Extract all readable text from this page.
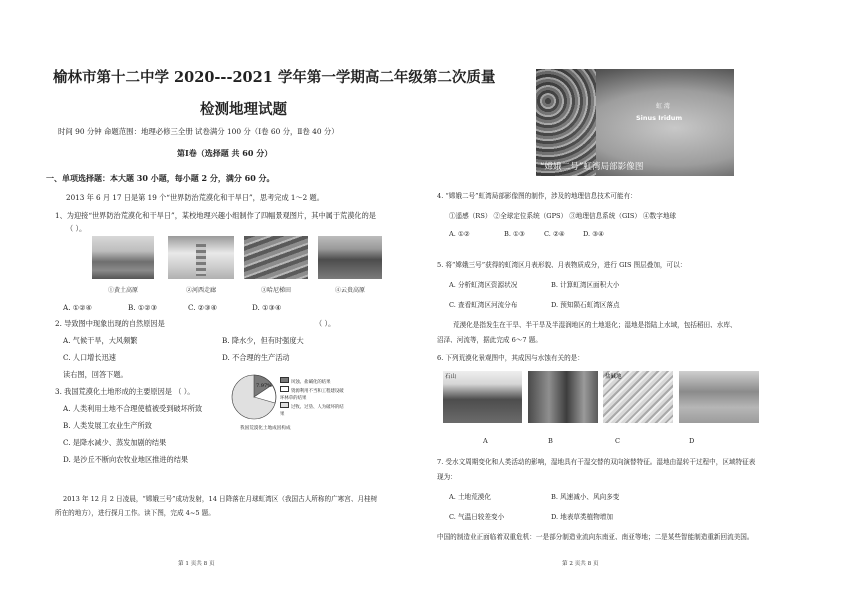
榆林市第十二中学 2020---2021 学年第一学期高二年级第二次质量
检测地理试题
时间 90 分钟 命题范围：地理必修三全册 试卷满分 100 分（Ⅰ卷 60 分，Ⅱ卷 40 分）
第Ⅰ卷（选择题 共 60 分）
一、单项选择题：本大题 30 小题，每小题 2 分，满分 60 分。
2013 年 6 月 17 日是第 19 个“世界防治荒漠化和干旱日”，思考完成 1～2 题。
1、为迎接“世界防治荒漠化和干旱日”，某校地理兴趣小组制作了四幅景观图片，其中属于荒漠化的是
（ ）。
①黄土高原	②河西走廊	③哈尼梯田	④云贵高原
A. ①②④	B. ①②③	C. ②③④	D. ①③④
2. 导致图中现象出现的自然原因是	（ ）。
A. 气候干旱，大风频繁	B. 降水少，但有时强度大
C. 人口增长迅速	D. 不合理的生产活动
读右图，回答下题。
3. 我国荒漠化土地形成的主要原因是 （ ）。
A. 人类利用土地不合理使植被受到破坏所致
B. 人类发展工农业生产所致
C. 是降水减少、蒸发加剧的结果
D. 是沙丘不断向农牧业地区推进的结果
7.97%
风蚀、盐碱化的结果
资源利用不当和工程建设破坏林草的结果
过牧、过垦、人为破坏的结果
我国荒漠化土地成因构成
2013 年 12 月 2 日凌晨，“嫦娥三号”成功发射，14 日降落在月球虹湾区（我国古人所称的广寒宫、月桂树
所在的地方），进行探月工作。读下图，完成 4~5 题。
第 1 页共 8 页
虹 湾
Sinus Iridum
“嫦娥二号”虹湾局部影像图
4. “嫦娥二号”虹湾局部影像图的制作，涉及的地理信息技术可能有：
①遥感（RS） ②全球定位系统（GPS） ③地理信息系统（GIS） ④数字地球
A. ①②	B. ①③	C. ②④	D. ③④
5. 将“嫦娥三号”获得的虹湾区月表形貌、月表物质成分，进行 GIS 图层叠加，可以：
A. 分析虹湾区资源状况	B. 计算虹湾区面积大小
C. 查看虹湾区河流分布	D. 预知陨石虹湾区落点
荒漠化是指发生在干旱、半干旱及半湿润地区的土地退化；湿地是指陆上水域，包括稻田、水库、
沼泽、河流等，据此完成 6～7 题。
6. 下列荒漠化景观图中，其成因与水蚀有关的是：
石山	盐碱地
A	B	C	D
7. 受水文周期变化和人类活动的影响，湿地具有干湿交替的双向演替特征。湿地由湿转干过程中，区域特征表
现为：
A. 土地荒漠化	B. 风速减小、风向多变
C. 气温日较差变小	D. 地表草类植物增加
中国的制造业正面临着双重危机：一是部分制造业流向东南亚、南亚等地；二是某些智能制造重新回流美国。
第 2 页共 8 页
